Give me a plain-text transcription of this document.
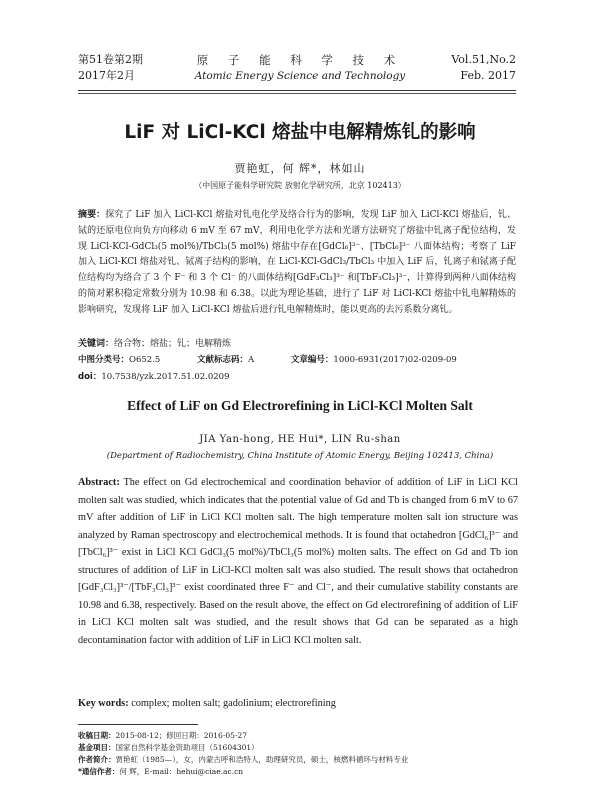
第51卷第2期
2017年2月
原 子 能 科 学 技 术
Atomic Energy Science and Technology
Vol.51,No.2
Feb. 2017
LiF 对 LiCl-KCl 熔盐中电解精炼钆的影响
贾艳虹，何 辉*，林如山
（中国原子能科学研究院 放射化学研究所，北京 102413）
摘要：探究了 LiF 加入 LiCl-KCl 熔盐对钆电化学及络合行为的影响，发现 LiF 加入 LiCl-KCl 熔盐后，钆、铽的还原电位向负方向移动 6 mV 至 67 mV，利用电化学方法和光谱方法研究了熔盐中钆离子配位结构，发现 LiCl-KCl-GdCl₃(5 mol%)/TbCl₃(5 mol%) 熔盐中存在[GdCl₆]³⁻、[TbCl₆]³⁻ 八面体结构；考察了 LiF 加入 LiCl-KCl 熔盐对钆、铽离子结构的影响，在 LiCl-KCl-GdCl₃/TbCl₃ 中加入 LiF 后，钆离子和铽离子配位结构均为络合了 3 个 F⁻ 和 3 个 Cl⁻ 的八面体结构[GdF₃Cl₃]³⁻ 和[TbF₃Cl₃]³⁻，计算得到两种八面体结构的简对累积稳定常数分别为 10.98 和 6.38。以此为理论基础，进行了 LiF 对 LiCl-KCl 熔盐中钆电解精炼的影响研究，发现将 LiF 加入 LiCl-KCl 熔盐后进行钆电解精炼时，能以更高的去污系数分离钆。
关键词：络合物；熔盐；钆；电解精炼
中图分类号：O652.5	文献标志码：A	文章编号：1000-6931(2017)02-0209-09
doi：10.7538/yzk.2017.51.02.0209
Effect of LiF on Gd Electrorefining in LiCl-KCl Molten Salt
JIA Yan-hong, HE Hui*, LIN Ru-shan
(Department of Radiochemistry, China Institute of Atomic Energy, Beijing 102413, China)
Abstract: The effect on Gd electrochemical and coordination behavior of addition of LiF in LiCl KCl molten salt was studied, which indicates that the potential value of Gd and Tb is changed from 6 mV to 67 mV after addition of LiF in LiCl KCl molten salt. The high temperature molten salt ion structure was analyzed by Raman spectroscopy and electrochemical methods. It is found that octahedron [GdCl₆]³⁻ and [TbCl₆]³⁻ exist in LiCl KCl GdCl₃(5 mol%)/TbCl₃(5 mol%) molten salts. The effect on Gd and Tb ion structures of addition of LiF in LiCl-KCl molten salt was also studied. The result shows that octahedron [GdF₃Cl₃]³⁻/[TbF₃Cl₃]³⁻ exist coordinated three F⁻ and Cl⁻, and their cumulative stability constants are 10.98 and 6.38, respectively. Based on the result above, the effect on Gd electrorefining of addition of LiF in LiCl KCl molten salt was studied, and the result shows that Gd can be separated as a high decontamination factor with addition of LiF in LiCl KCl molten salt.
Key words: complex; molten salt; gadolinium; electrorefining
收稿日期：2015-08-12；修回日期：2016-05-27
基金项目：国家自然科学基金资助项目（51604301）
作者简介：贾艳虹（1985—），女，内蒙古呼和浩特人，助理研究员，硕士，核燃料循环与材料专业
*通信作者：何 辉，E-mail：hehui@ciae.ac.cn
